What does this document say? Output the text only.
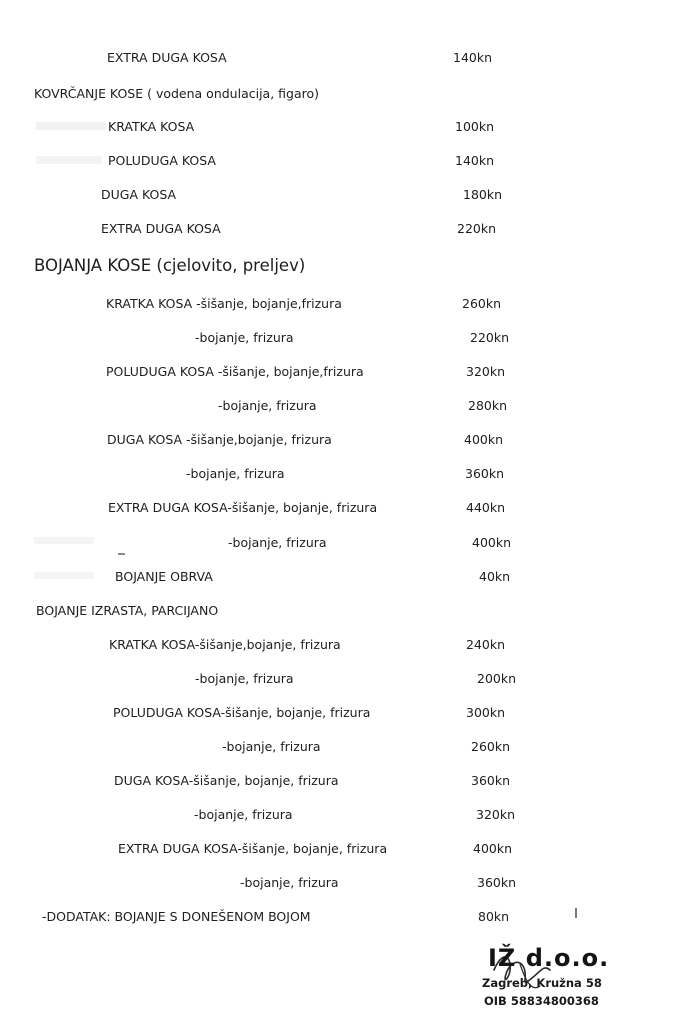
EXTRA DUGA KOSA	140kn
KOVRČANJE KOSE ( vodena ondulacija, figaro)
KRATKA KOSA	100kn
POLUDUGA KOSA	140kn
DUGA KOSA	180kn
EXTRA DUGA KOSA	220kn
BOJANJA KOSE (cjelovito, preljev)
KRATKA KOSA -šišanje, bojanje,frizura	260kn
-bojanje, frizura	220kn
POLUDUGA KOSA -šišanje, bojanje,frizura	320kn
-bojanje, frizura	280kn
DUGA KOSA -šišanje,bojanje, frizura	400kn
-bojanje, frizura	360kn
EXTRA DUGA KOSA-šišanje, bojanje, frizura	440kn
-bojanje, frizura	400kn
BOJANJE OBRVA	40kn
BOJANJE IZRASTA, PARCIJANO
KRATKA KOSA-šišanje,bojanje, frizura	240kn
-bojanje, frizura	200kn
POLUDUGA KOSA-šišanje, bojanje, frizura	300kn
-bojanje, frizura	260kn
DUGA KOSA-šišanje, bojanje, frizura	360kn
-bojanje, frizura	320kn
EXTRA DUGA KOSA-šišanje, bojanje, frizura	400kn
-bojanje, frizura	360kn
-DODATAK: BOJANJE S DONEŠENOM BOJOM	80kn
IŽ d.o.o.
Zagreb, Kružna 58
OIB 58834800368
